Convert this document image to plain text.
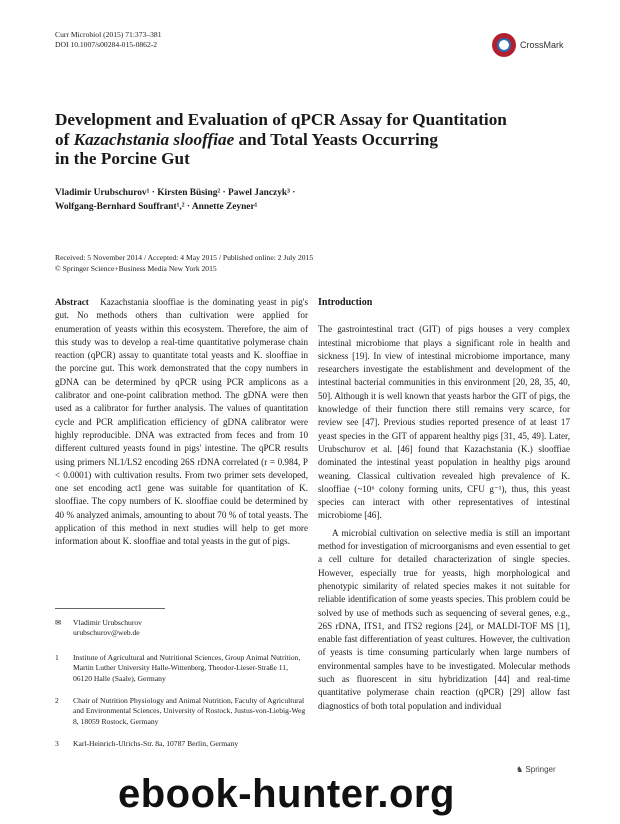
Curr Microbiol (2015) 71:373–381
DOI 10.1007/s00284-015-0862-2	CrossMark
Development and Evaluation of qPCR Assay for Quantitation
of Kazachstania slooffiae and Total Yeasts Occurring
in the Porcine Gut
Vladimir Urubschurov¹ · Kirsten Büsing² · Pawel Janczyk³ ·
Wolfgang-Bernhard Souffrant¹,² · Annette Zeyner¹
Received: 5 November 2014 / Accepted: 4 May 2015 / Published online: 2 July 2015
© Springer Science+Business Media New York 2015

Abstract Kazachstania slooffiae is the dominating yeast in pig's gut. No methods others than cultivation were applied for enumeration of yeasts within this ecosystem. Therefore, the aim of this study was to develop a real-time quantitative polymerase chain reaction (qPCR) assay to quantitate total yeasts and K. slooffiae in the porcine gut. This work demonstrated that the copy numbers in gDNA can be determined by qPCR using PCR amplicons as a calibrator and one-point calibration method. The gDNA were then used as a calibrator for further analysis. The values of quantitation cycle and PCR amplification efficiency of gDNA calibrator were highly reproducible. DNA was extracted from feces and from 10 different cultured yeasts found in pigs' intestine. The qPCR results using primers NL1/LS2 encoding 26S rDNA correlated (r = 0.984, P < 0.0001) with cultivation results. From two primer sets developed, one set encoding act1 gene was suitable for quantitation of K. slooffiae. The copy numbers of K. slooffiae could be determined by 40 % analyzed animals, amounting to about 70 % of total yeasts. The application of this method in next studies will help to get more information about K. slooffiae and total yeasts in the gut of pigs.

✉	Vladimir Urubschurov
urubschurov@web.de
1	Institute of Agricultural and Nutritional Sciences, Group Animal Nutrition, Martin Luther University Halle-Wittenberg, Theodor-Lieser-Straße 11, 06120 Halle (Saale), Germany
2	Chair of Nutrition Physiology and Animal Nutrition, Faculty of Agricultural and Environmental Sciences, University of Rostock, Justus-von-Liebig-Weg 8, 18059 Rostock, Germany
3	Karl-Heinrich-Ulrichs-Str. 8a, 10787 Berlin, Germany
Introduction

The gastrointestinal tract (GIT) of pigs houses a very complex intestinal microbiome that plays a significant role in health and sickness [19]. In view of intestinal microbiome importance, many researchers investigate the establishment and development of the intestinal bacterial communities in this environment [20, 28, 35, 40, 50]. Although it is well known that yeasts harbor the GIT of pigs, the knowledge of their function there still remains very scarce, for review see [47]. Previous studies reported presence of at least 17 yeast species in the GIT of apparent healthy pigs [31, 45, 49]. Later, Urubschurov et al. [46] found that Kazachstania (K.) slooffiae dominated the intestinal yeast population in healthy pigs around weaning. Classical cultivation revealed high prevalence of K. slooffiae (~10⁶ colony forming units, CFU g⁻¹), thus, this yeast species can interact with other representatives of intestinal microbiome [46].

A microbial cultivation on selective media is still an important method for investigation of microorganisms and even essential to get a cell culture for detailed characterization of single species. However, especially true for yeasts, high morphological and phenotypic similarity of related species makes it not suitable for reliable identification of some yeasts species. This problem could be solved by use of methods such as sequencing of several genes, e.g., 26S rDNA, ITS1, and ITS2 regions [24], or MALDI-TOF MS [1], enable fast differentiation of yeast cultures. However, the cultivation of yeasts is time consuming particularly when large numbers of environmental samples have to be investigated. Molecular methods such as fluorescent in situ hybridization [44] and real-time quantitative polymerase chain reaction (qPCR) [29] allow fast diagnostics of both total population and individual

♞ Springer
ebook-hunter.org
